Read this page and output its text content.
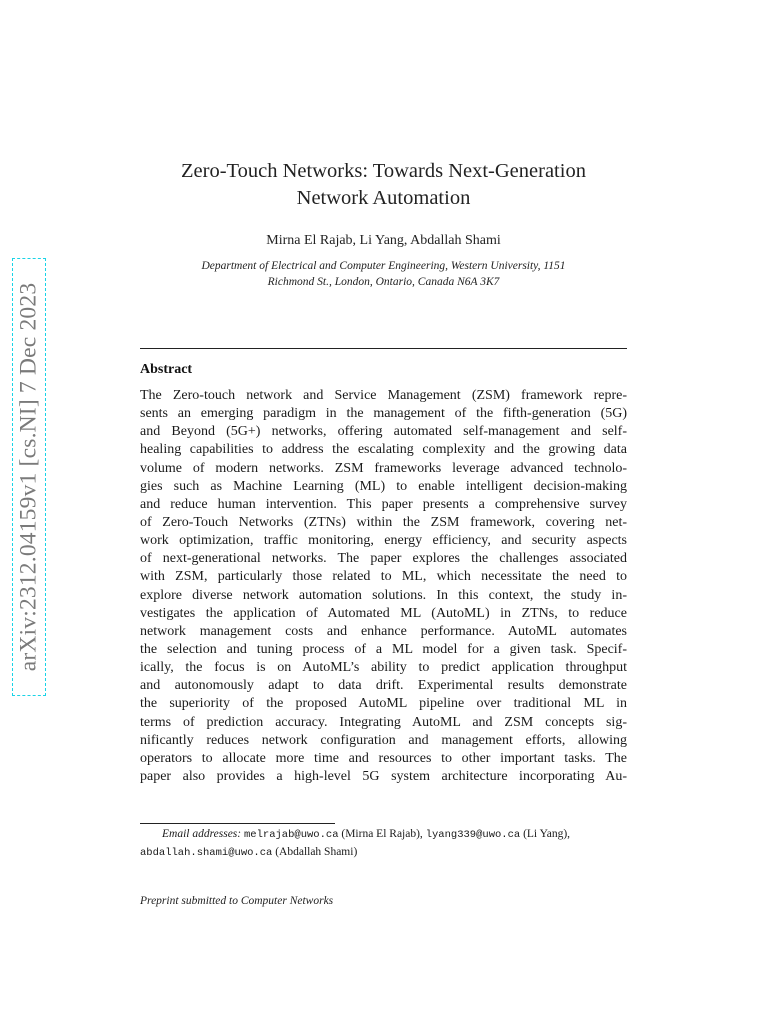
arXiv:2312.04159v1 [cs.NI] 7 Dec 2023
Zero-Touch Networks: Towards Next-Generation
Network Automation
Mirna El Rajab, Li Yang, Abdallah Shami
Department of Electrical and Computer Engineering, Western University, 1151
Richmond St., London, Ontario, Canada N6A 3K7
Abstract
The Zero-touch network and Service Management (ZSM) framework repre-
sents an emerging paradigm in the management of the fifth-generation (5G)
and Beyond (5G+) networks, offering automated self-management and self-
healing capabilities to address the escalating complexity and the growing data
volume of modern networks. ZSM frameworks leverage advanced technolo-
gies such as Machine Learning (ML) to enable intelligent decision-making
and reduce human intervention. This paper presents a comprehensive survey
of Zero-Touch Networks (ZTNs) within the ZSM framework, covering net-
work optimization, traffic monitoring, energy efficiency, and security aspects
of next-generational networks. The paper explores the challenges associated
with ZSM, particularly those related to ML, which necessitate the need to
explore diverse network automation solutions. In this context, the study in-
vestigates the application of Automated ML (AutoML) in ZTNs, to reduce
network management costs and enhance performance. AutoML automates
the selection and tuning process of a ML model for a given task. Specif-
ically, the focus is on AutoML’s ability to predict application throughput
and autonomously adapt to data drift. Experimental results demonstrate
the superiority of the proposed AutoML pipeline over traditional ML in
terms of prediction accuracy. Integrating AutoML and ZSM concepts sig-
nificantly reduces network configuration and management efforts, allowing
operators to allocate more time and resources to other important tasks. The
paper also provides a high-level 5G system architecture incorporating Au-
Email addresses: melrajab@uwo.ca (Mirna El Rajab), lyang339@uwo.ca (Li Yang),
abdallah.shami@uwo.ca (Abdallah Shami)
Preprint submitted to Computer Networks
